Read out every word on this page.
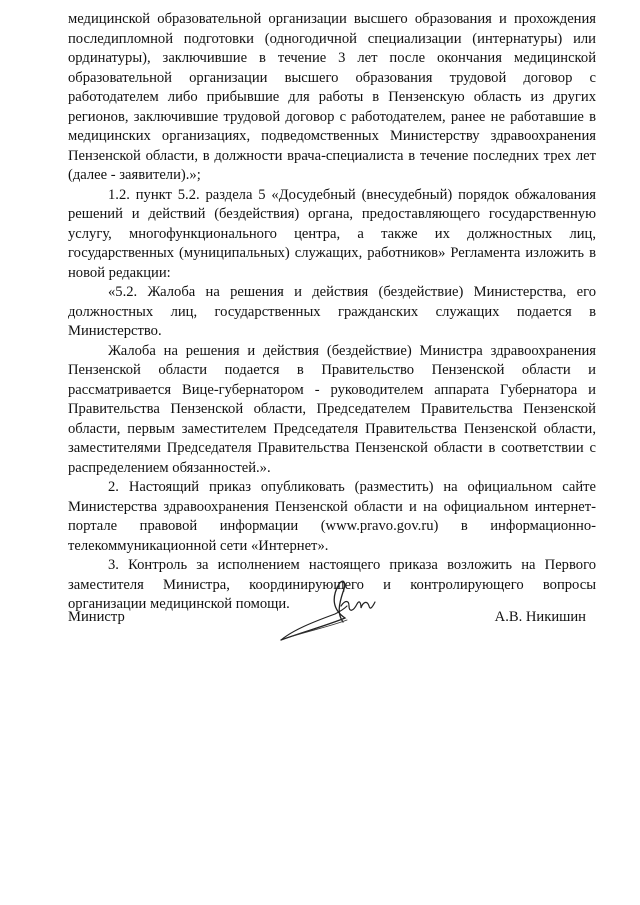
медицинской образовательной организации высшего образования и прохождения последипломной подготовки (одногодичной специализации (интернатуры) или ординатуры), заключившие в течение 3 лет после окончания медицинской образовательной организации высшего образования трудовой договор с работодателем либо прибывшие для работы в Пензенскую область из других регионов, заключившие трудовой договор с работодателем, ранее не работавшие в медицинских организациях, подведомственных Министерству здравоохранения Пензенской области, в должности врача-специалиста в течение последних трех лет (далее - заявители).»;

1.2. пункт 5.2. раздела 5 «Досудебный (внесудебный) порядок обжалования решений и действий (бездействия) органа, предоставляющего государственную услугу, многофункционального центра, а также их должностных лиц, государственных (муниципальных) служащих, работников» Регламента изложить в новой редакции:

«5.2. Жалоба на решения и действия (бездействие) Министерства, его должностных лиц, государственных гражданских служащих подается в Министерство.

Жалоба на решения и действия (бездействие) Министра здравоохранения Пензенской области подается в Правительство Пензенской области и рассматривается Вице-губернатором - руководителем аппарата Губернатора и Правительства Пензенской области, Председателем Правительства Пензенской области, первым заместителем Председателя Правительства Пензенской области, заместителями Председателя Правительства Пензенской области в соответствии с распределением обязанностей.».

2. Настоящий приказ опубликовать (разместить) на официальном сайте Министерства здравоохранения Пензенской области и на официальном интернет-портале правовой информации (www.pravo.gov.ru) в информационно-телекоммуникационной сети «Интернет».

3. Контроль за исполнением настоящего приказа возложить на Первого заместителя Министра, координирующего и контролирующего вопросы организации медицинской помощи.

Министр	А.В. Никишин
